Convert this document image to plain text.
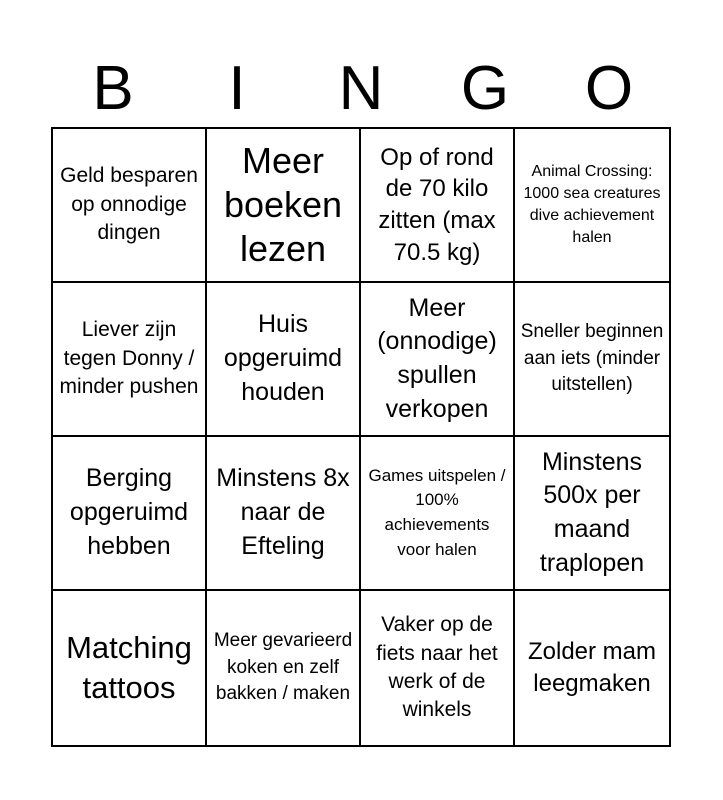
B	I	N	G	O
Geld besparen op onnodige dingen
Meer boeken lezen
Op of rond de 70 kilo zitten (max 70.5 kg)
Animal Crossing: 1000 sea creatures dive achievement halen
Liever zijn tegen Donny / minder pushen
Huis opgeruimd houden
Meer (onnodige) spullen verkopen
Sneller beginnen aan iets (minder uitstellen)
Berging opgeruimd hebben
Minstens 8x naar de Efteling
Games uitspelen / 100% achievements voor halen
Minstens 500x per maand traplopen
Matching tattoos
Meer gevarieerd koken en zelf bakken / maken
Vaker op de fiets naar het werk of de winkels
Zolder mam leegmaken
